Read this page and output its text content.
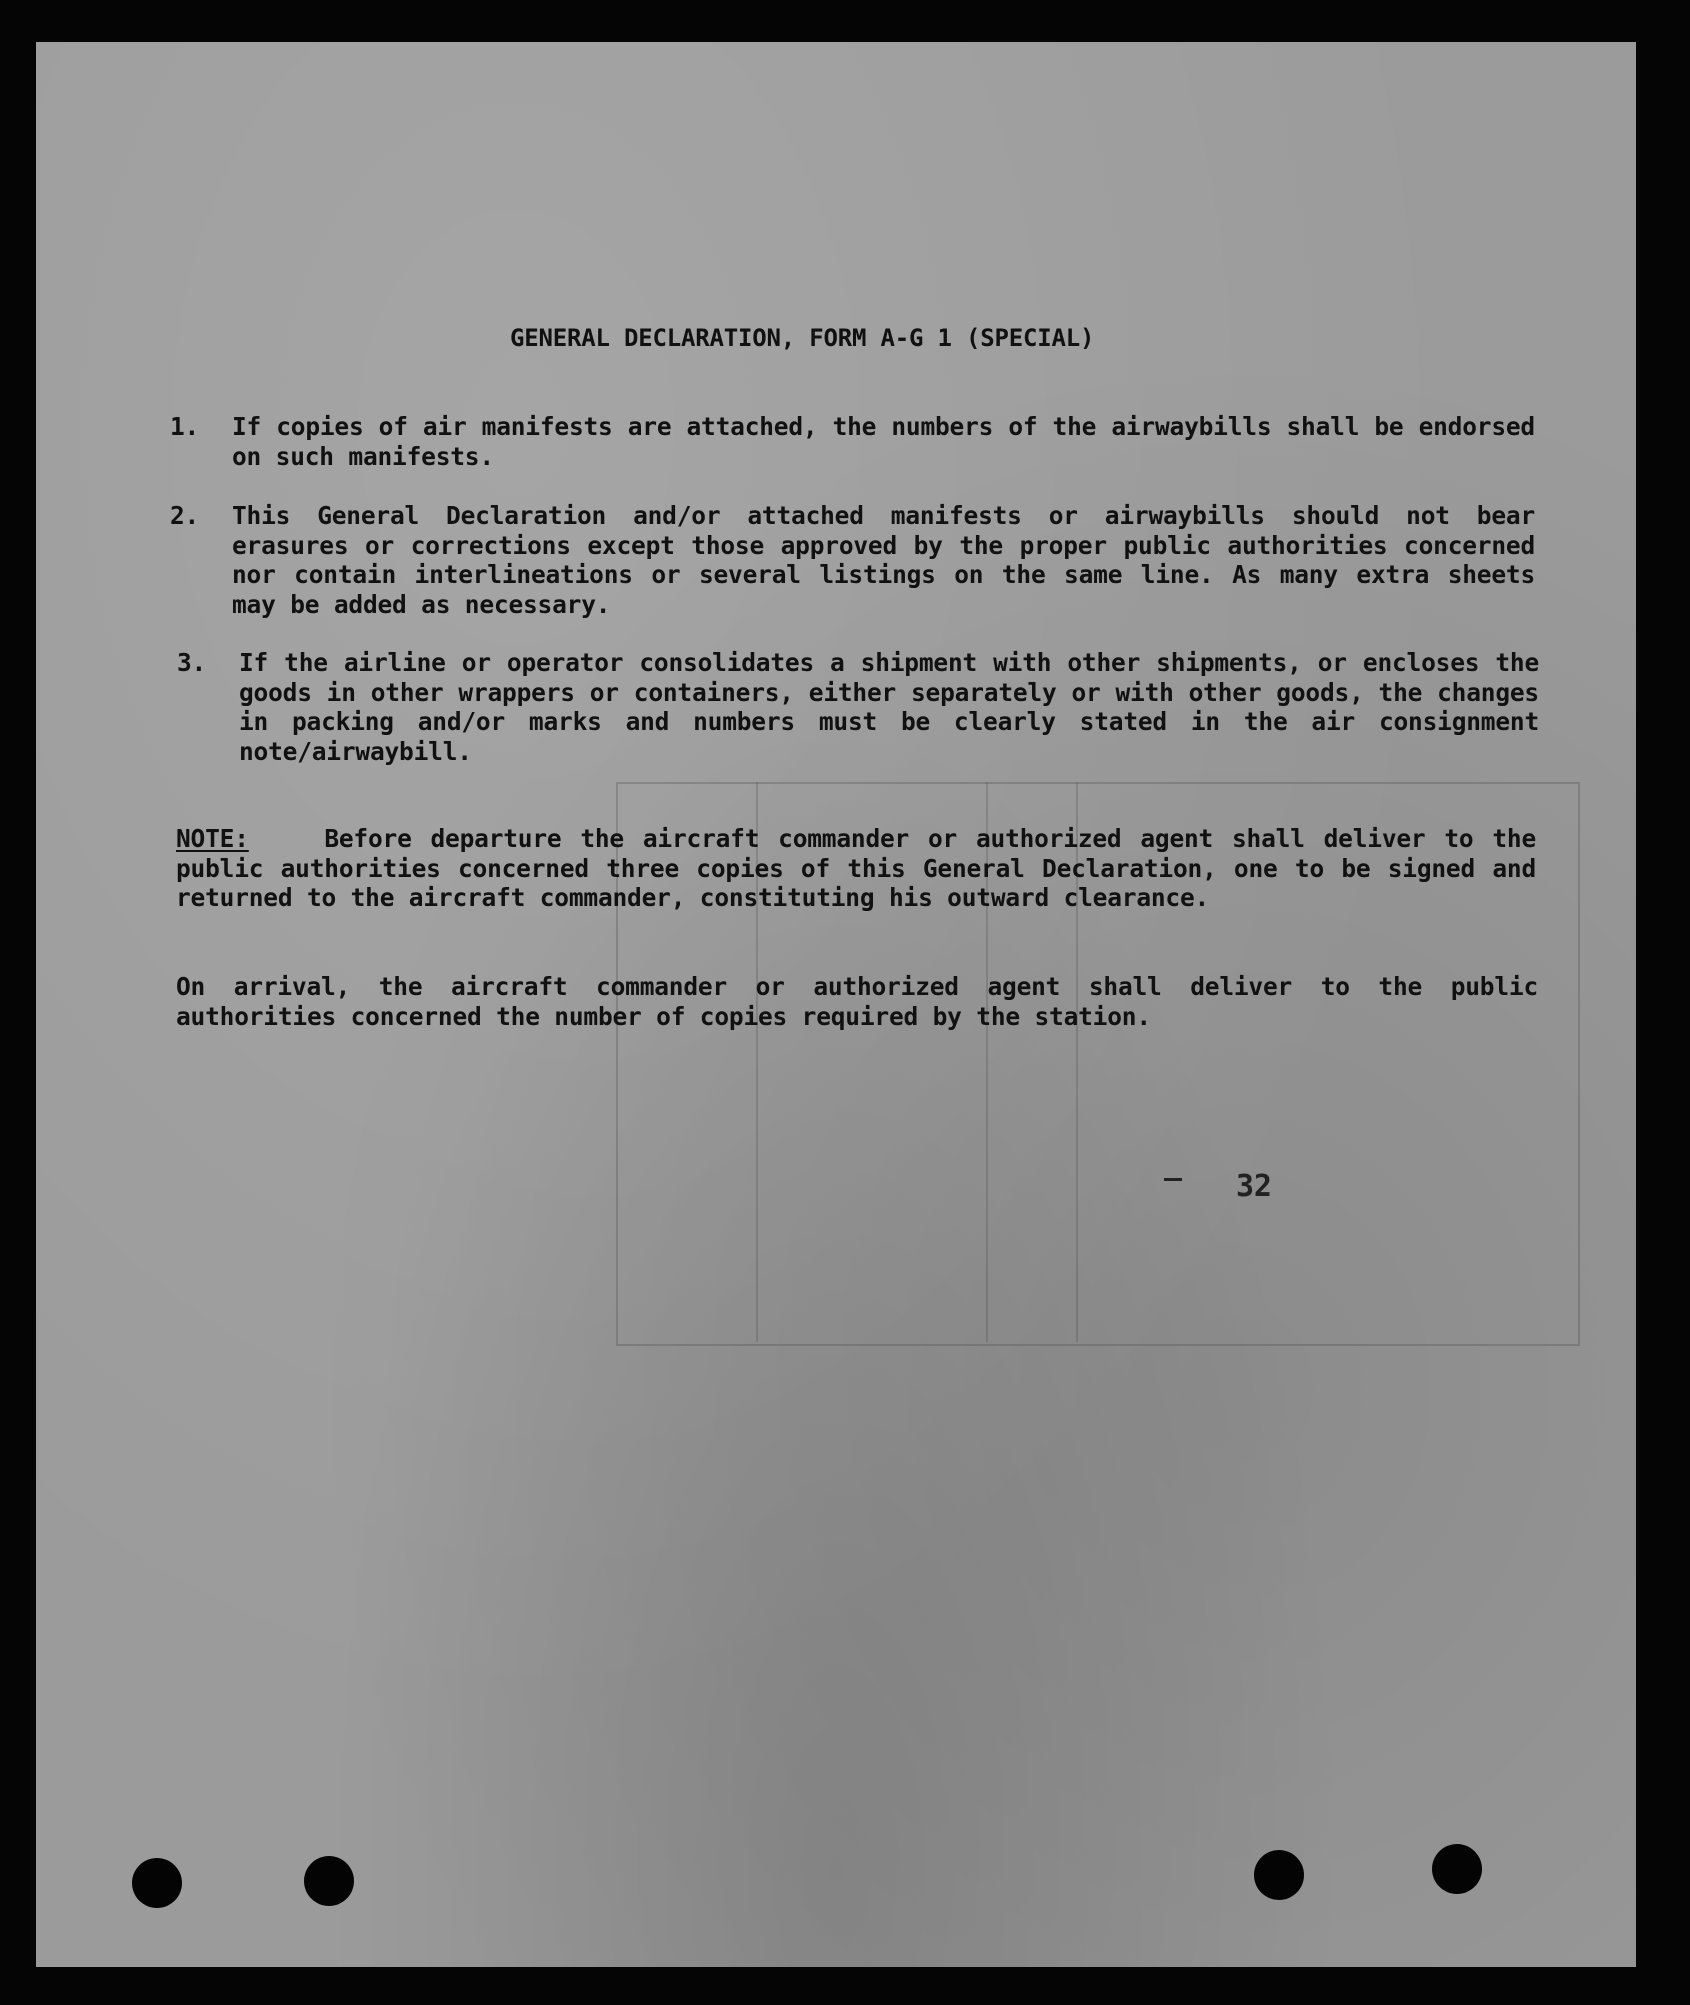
GENERAL DECLARATION, FORM A-G 1 (SPECIAL)
1.	If copies of air manifests are attached, the numbers of the airwaybills shall be endorsed on such manifests.
2.	This General Declaration and/or attached manifests or airwaybills should not bear erasures or corrections except those approved by the proper public authorities concerned nor contain interlineations or several listings on the same line. As many extra sheets may be added as necessary.
3.	If the airline or operator consolidates a shipment with other shipments, or encloses the goods in other wrappers or containers, either separately or with other goods, the changes in packing and/or marks and numbers must be clearly stated in the air consignment note/airwaybill.
NOTE:	Before departure the aircraft commander or authorized agent shall deliver to the public authorities concerned three copies of this General Declaration, one to be signed and returned to the aircraft commander, constituting his outward clearance.
On arrival, the aircraft commander or authorized agent shall deliver to the public authorities concerned the number of copies required by the station.
32
